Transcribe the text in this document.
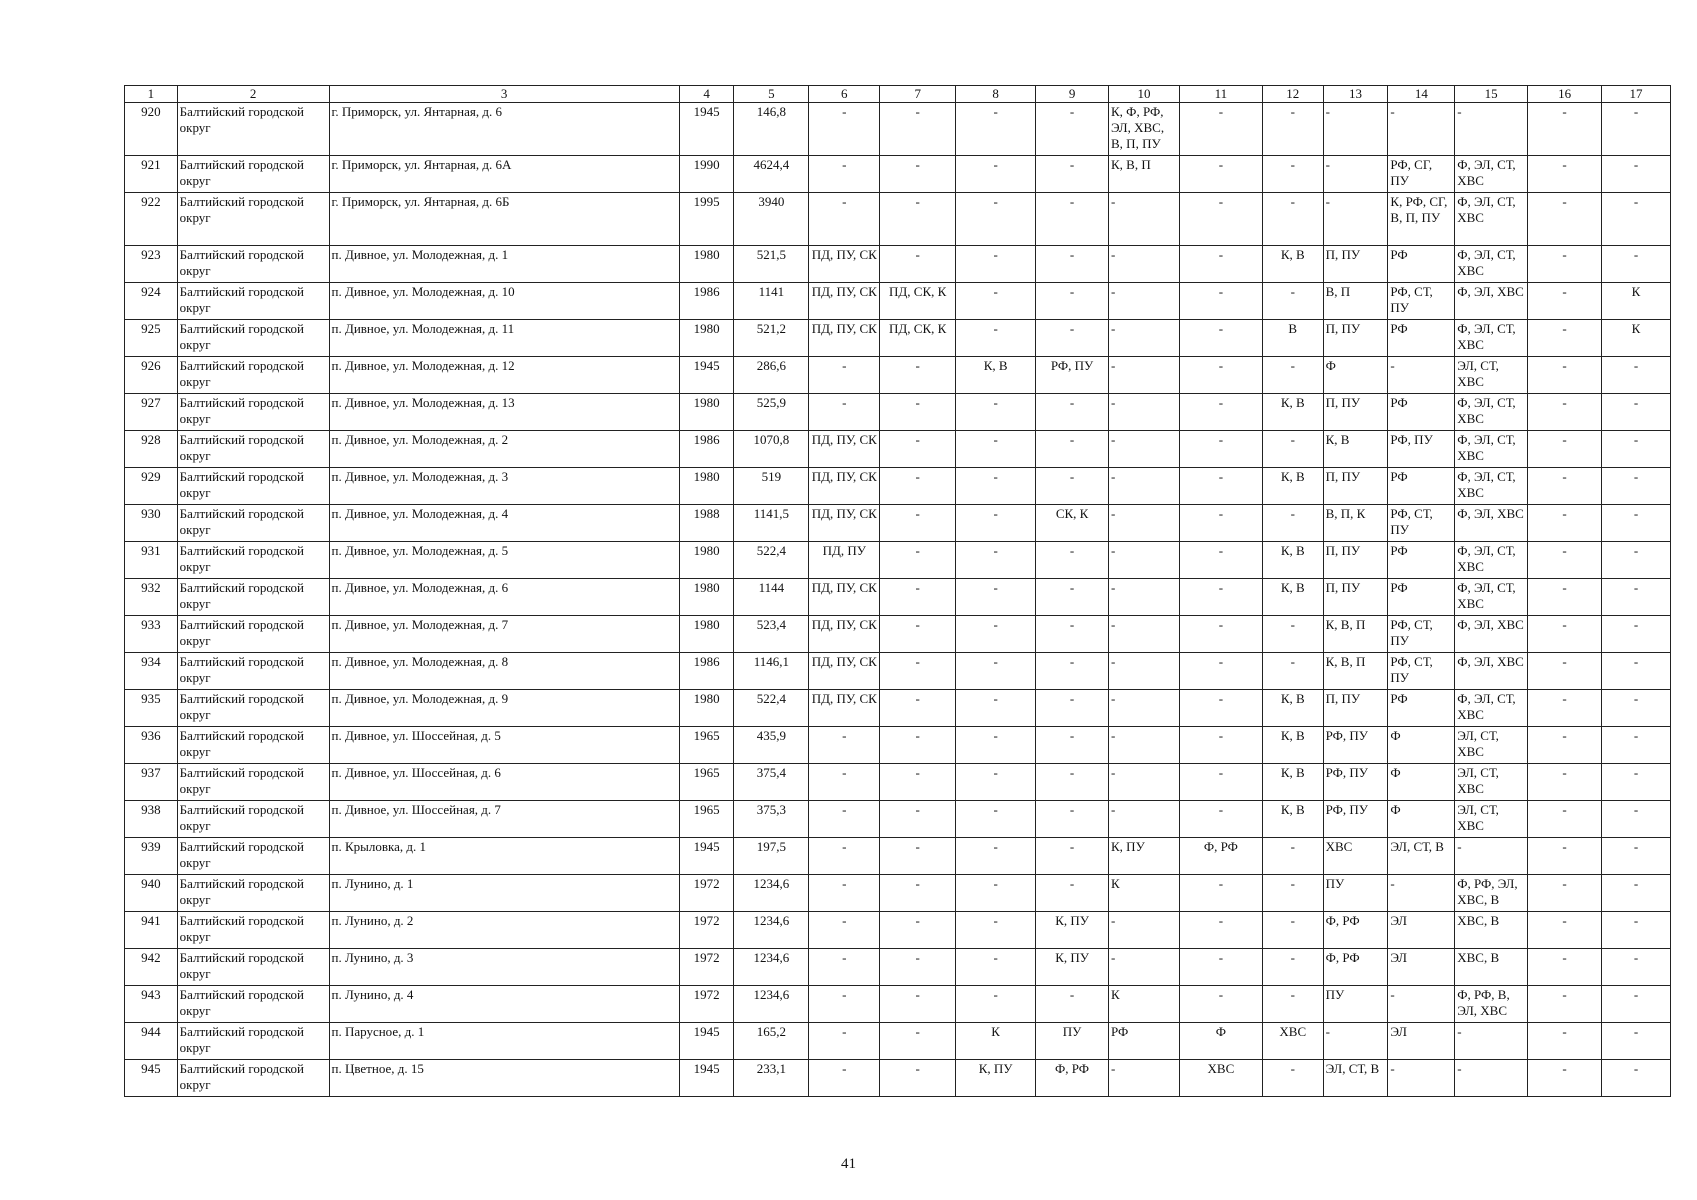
1	2	3	4	5	6	7	8	9	10	11	12	13	14	15	16	17
920	Балтийский городской округ	г. Приморск, ул. Янтарная, д. 6	1945	146,8	-	-	-	-	К, Ф, РФ, ЭЛ, ХВС, В, П, ПУ	-	-	-	-	-	-	-
921	Балтийский городской округ	г. Приморск, ул. Янтарная, д. 6А	1990	4624,4	-	-	-	-	К, В, П	-	-	-	РФ, СГ, ПУ	Ф, ЭЛ, СТ, ХВС	-	-
922	Балтийский городской округ	г. Приморск, ул. Янтарная, д. 6Б	1995	3940	-	-	-	-	-	-	-	-	К, РФ, СГ, В, П, ПУ	Ф, ЭЛ, СТ, ХВС	-	-
923	Балтийский городской округ	п. Дивное, ул. Молодежная, д. 1	1980	521,5	ПД, ПУ, СК	-	-	-	-	-	К, В	П, ПУ	РФ	Ф, ЭЛ, СТ, ХВС	-	-
924	Балтийский городской округ	п. Дивное, ул. Молодежная, д. 10	1986	1141	ПД, ПУ, СК	ПД, СК, К	-	-	-	-	-	В, П	РФ, СТ, ПУ	Ф, ЭЛ, ХВС	-	К
925	Балтийский городской округ	п. Дивное, ул. Молодежная, д. 11	1980	521,2	ПД, ПУ, СК	ПД, СК, К	-	-	-	-	В	П, ПУ	РФ	Ф, ЭЛ, СТ, ХВС	-	К
926	Балтийский городской округ	п. Дивное, ул. Молодежная, д. 12	1945	286,6	-	-	К, В	РФ, ПУ	-	-	-	Ф	-	ЭЛ, СТ, ХВС	-	-
927	Балтийский городской округ	п. Дивное, ул. Молодежная, д. 13	1980	525,9	-	-	-	-	-	-	К, В	П, ПУ	РФ	Ф, ЭЛ, СТ, ХВС	-	-
928	Балтийский городской округ	п. Дивное, ул. Молодежная, д. 2	1986	1070,8	ПД, ПУ, СК	-	-	-	-	-	-	К, В	РФ, ПУ	Ф, ЭЛ, СТ, ХВС	-	-
929	Балтийский городской округ	п. Дивное, ул. Молодежная, д. 3	1980	519	ПД, ПУ, СК	-	-	-	-	-	К, В	П, ПУ	РФ	Ф, ЭЛ, СТ, ХВС	-	-
930	Балтийский городской округ	п. Дивное, ул. Молодежная, д. 4	1988	1141,5	ПД, ПУ, СК	-	-	СК, К	-	-	-	В, П, К	РФ, СТ, ПУ	Ф, ЭЛ, ХВС	-	-
931	Балтийский городской округ	п. Дивное, ул. Молодежная, д. 5	1980	522,4	ПД, ПУ	-	-	-	-	-	К, В	П, ПУ	РФ	Ф, ЭЛ, СТ, ХВС	-	-
932	Балтийский городской округ	п. Дивное, ул. Молодежная, д. 6	1980	1144	ПД, ПУ, СК	-	-	-	-	-	К, В	П, ПУ	РФ	Ф, ЭЛ, СТ, ХВС	-	-
933	Балтийский городской округ	п. Дивное, ул. Молодежная, д. 7	1980	523,4	ПД, ПУ, СК	-	-	-	-	-	-	К, В, П	РФ, СТ, ПУ	Ф, ЭЛ, ХВС	-	-
934	Балтийский городской округ	п. Дивное, ул. Молодежная, д. 8	1986	1146,1	ПД, ПУ, СК	-	-	-	-	-	-	К, В, П	РФ, СТ, ПУ	Ф, ЭЛ, ХВС	-	-
935	Балтийский городской округ	п. Дивное, ул. Молодежная, д. 9	1980	522,4	ПД, ПУ, СК	-	-	-	-	-	К, В	П, ПУ	РФ	Ф, ЭЛ, СТ, ХВС	-	-
936	Балтийский городской округ	п. Дивное, ул. Шоссейная, д. 5	1965	435,9	-	-	-	-	-	-	К, В	РФ, ПУ	Ф	ЭЛ, СТ, ХВС	-	-
937	Балтийский городской округ	п. Дивное, ул. Шоссейная, д. 6	1965	375,4	-	-	-	-	-	-	К, В	РФ, ПУ	Ф	ЭЛ, СТ, ХВС	-	-
938	Балтийский городской округ	п. Дивное, ул. Шоссейная, д. 7	1965	375,3	-	-	-	-	-	-	К, В	РФ, ПУ	Ф	ЭЛ, СТ, ХВС	-	-
939	Балтийский городской округ	п. Крыловка, д. 1	1945	197,5	-	-	-	-	К, ПУ	Ф, РФ	-	ХВС	ЭЛ, СТ, В	-	-	-
940	Балтийский городской округ	п. Лунино, д. 1	1972	1234,6	-	-	-	-	К	-	-	ПУ	-	Ф, РФ, ЭЛ, ХВС, В	-	-
941	Балтийский городской округ	п. Лунино, д. 2	1972	1234,6	-	-	-	К, ПУ	-	-	-	Ф, РФ	ЭЛ	ХВС, В	-	-
942	Балтийский городской округ	п. Лунино, д. 3	1972	1234,6	-	-	-	К, ПУ	-	-	-	Ф, РФ	ЭЛ	ХВС, В	-	-
943	Балтийский городской округ	п. Лунино, д. 4	1972	1234,6	-	-	-	-	К	-	-	ПУ	-	Ф, РФ, В, ЭЛ, ХВС	-	-
944	Балтийский городской округ	п. Парусное, д. 1	1945	165,2	-	-	К	ПУ	РФ	Ф	ХВС	-	ЭЛ	-	-	-
945	Балтийский городской округ	п. Цветное, д. 15	1945	233,1	-	-	К, ПУ	Ф, РФ	-	ХВС	-	ЭЛ, СТ, В	-	-	-	-
41
